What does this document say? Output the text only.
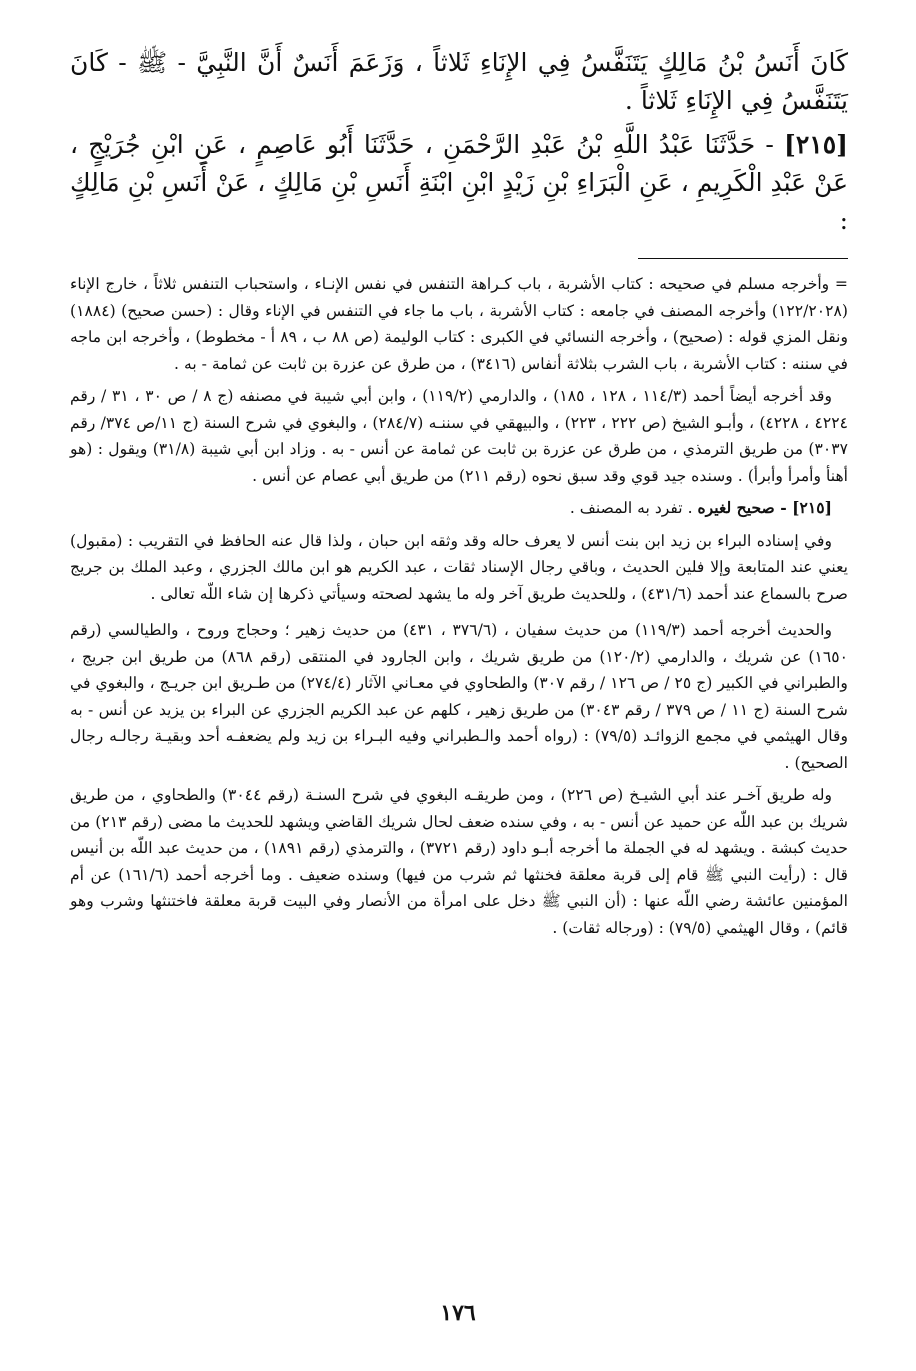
كَانَ أَنَسُ بْنُ مَالِكٍ يَتَنَفَّسُ فِي الإِنَاءِ ثَلاثاً ، وَزَعَمَ أَنَسٌ أَنَّ النَّبِيَّ - ﷺ - كَانَ يَتَنَفَّسُ فِي الإِنَاءِ ثَلاثاً .

[٢١٥] - حَدَّثَنَا عَبْدُ اللَّهِ بْنُ عَبْدِ الرَّحْمَنِ ، حَدَّثَنَا أَبُو عَاصِمٍ ، عَنِ ابْنِ جُرَيْجٍ ، عَنْ عَبْدِ الْكَرِيمِ ، عَنِ الْبَرَاءِ بْنِ زَيْدٍ ابْنِ ابْنَةِ أَنَسِ بْنِ مَالِكٍ ، عَنْ أَنَسِ بْنِ مَالِكٍ :

= وأخرجه مسلم في صحيحه : كتاب الأشربة ، باب كـراهة التنفس في نفس الإنـاء ، واستحباب التنفس ثلاثاً ، خارج الإناء (١٢٢/٢٠٢٨) وأخرجه المصنف في جامعه : كتاب الأشربة ، باب ما جاء في التنفس في الإناء وقال : (حسن صحيح) (١٨٨٤) ونقل المزي قوله : (صحيح) ، وأخرجه النسائي في الكبرى : كتاب الوليمة (ص ٨٨ ب ، ٨٩ أ - مخطوط) ، وأخرجه ابن ماجه في سننه : كتاب الأشربة ، باب الشرب بثلاثة أنفاس (٣٤١٦) ، من طرق عن عزرة بن ثابت عن ثمامة - به .

وقد أخرجه أيضاً أحمد (١١٤/٣ ، ١٢٨ ، ١٨٥) ، والدارمي (١١٩/٢) ، وابن أبي شيبة في مصنفه (ج ٨ / ص ٣٠ ، ٣١ / رقم ٤٢٢٤ ، ٤٢٢٨) ، وأبـو الشيخ (ص ٢٢٢ ، ٢٢٣) ، والبيهقي في سننـه (٢٨٤/٧) ، والبغوي في شرح السنة (ج ١١/ص ٣٧٤/ رقم ٣٠٣٧) من طريق الترمذي ، من طرق عن عزرة بن ثابت عن ثمامة عن أنس - به . وزاد ابن أبي شيبة (٣١/٨) ويقول : (هو أهنأ وأمرأ وأبرأ) . وسنده جيد قوي وقد سبق نحوه (رقم ٢١١) من طريق أبي عصام عن أنس .

[٢١٥] - صحيح لغيره . تفرد به المصنف .

وفي إسناده البراء بن زيد ابن بنت أنس لا يعرف حاله وقد وثقه ابن حبان ، ولذا قال عنه الحافظ في التقريب : (مقبول) يعني عند المتابعة وإلا فلين الحديث ، وباقي رجال الإسناد ثقات ، عبد الكريم هو ابن مالك الجزري ، وعبد الملك بن جريج صرح بالسماع عند أحمد (٤٣١/٦) ، وللحديث طريق آخر وله ما يشهد لصحته وسيأتي ذكرها إن شاء اللّه تعالى .

والحديث أخرجه أحمد (١١٩/٣) من حديث سفيان ، (٣٧٦/٦ ، ٤٣١) من حديث زهير ؛ وحجاج وروح ، والطيالسي (رقم ١٦٥٠) عن شريك ، والدارمي (١٢٠/٢) من طريق شريك ، وابن الجارود في المنتقى (رقم ٨٦٨) من طريق ابن جريج ، والطبراني في الكبير (ج ٢٥ / ص ١٢٦ / رقم ٣٠٧) والطحاوي في معـاني الآثار (٢٧٤/٤) من طـريق ابن جريـج ، والبغوي في شرح السنة (ج ١١ / ص ٣٧٩ / رقم ٣٠٤٣) من طريق زهير ، كلهم عن عبد الكريم الجزري عن البراء بن يزيد عن أنس - به وقال الهيثمي في مجمع الزوائـد (٧٩/٥) : (رواه أحمد والـطبراني وفيه البـراء بن زيد ولم يضعفـه أحد وبقيـة رجالـه رجال الصحيح) .

وله طريق آخـر عند أبي الشيـخ (ص ٢٢٦) ، ومن طريقـه البغوي في شرح السنـة (رقم ٣٠٤٤) والطحاوي ، من طريق شريك بن عبد اللّه عن حميد عن أنس - به ، وفي سنده ضعف لحال شريك القاضي ويشهد للحديث ما مضى (رقم ٢١٣) من حديث كبشة . ويشهد له في الجملة ما أخرجه أبـو داود (رقم ٣٧٢١) ، والترمذي (رقم ١٨٩١) ، من حديث عبد اللّه بن أنيس قال : (رأيت النبي ﷺ قام إلى قربة معلقة فخنثها ثم شرب من فيها) وسنده ضعيف . وما أخرجه أحمد (١٦١/٦) عن أم المؤمنين عائشة رضي اللّه عنها : (أن النبي ﷺ دخل على امرأة من الأنصار وفي البيت قربة معلقة فاختنثها وشرب وهو قائم) ، وقال الهيثمي (٧٩/٥) : (ورجاله ثقات) .

١٧٦
